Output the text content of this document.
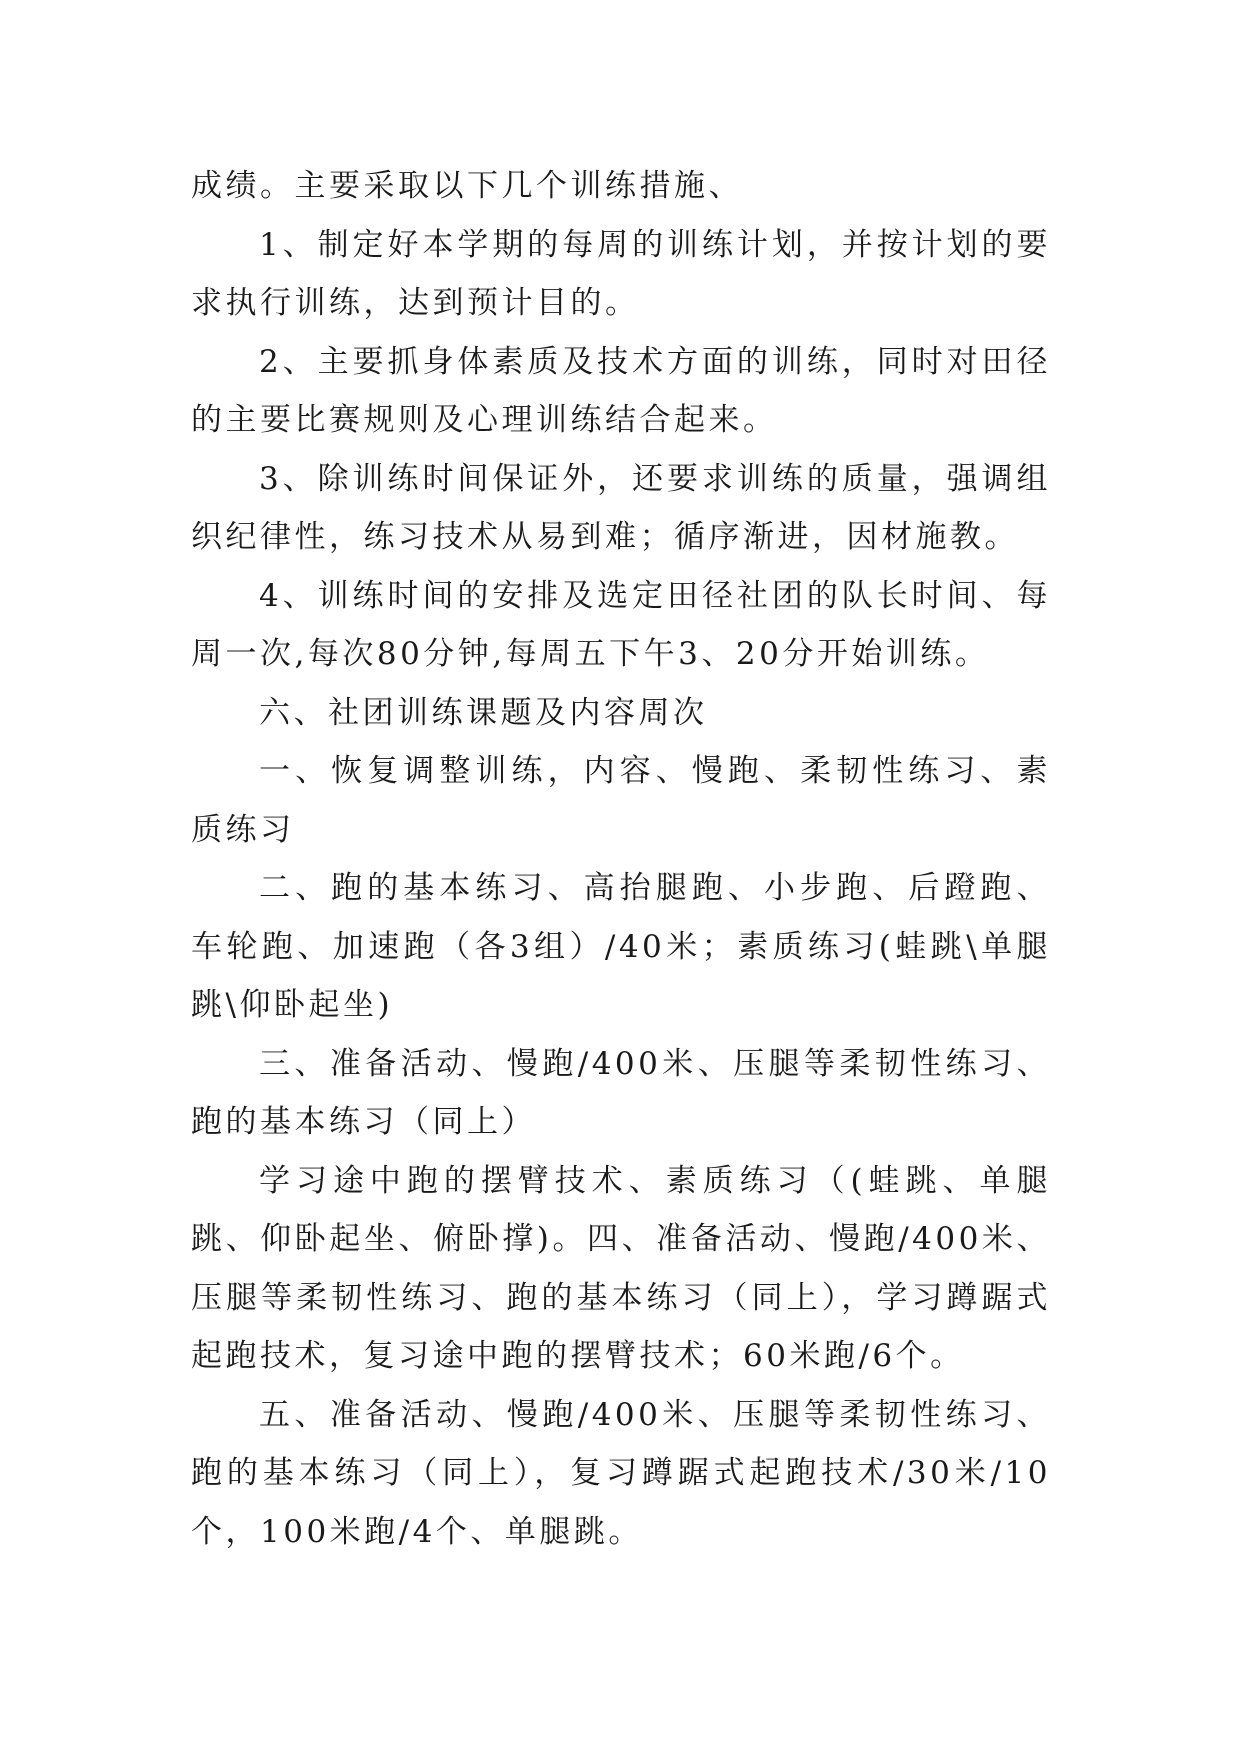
成绩。主要采取以下几个训练措施、

1、制定好本学期的每周的训练计划，并按计划的要求执行训练，达到预计目的。

2、主要抓身体素质及技术方面的训练，同时对田径的主要比赛规则及心理训练结合起来。

3、除训练时间保证外，还要求训练的质量，强调组织纪律性，练习技术从易到难；循序渐进，因材施教。

4、训练时间的安排及选定田径社团的队长时间、每周一次,每次80分钟,每周五下午3、20分开始训练。

六、社团训练课题及内容周次

一、恢复调整训练，内容、慢跑、柔韧性练习、素质练习

二、跑的基本练习、高抬腿跑、小步跑、后蹬跑、车轮跑、加速跑（各3组）/40米；素质练习(蛙跳\单腿跳\仰卧起坐)

三、准备活动、慢跑/400米、压腿等柔韧性练习、跑的基本练习（同上）

学习途中跑的摆臂技术、素质练习（(蛙跳、单腿跳、仰卧起坐、俯卧撑)。四、准备活动、慢跑/400米、压腿等柔韧性练习、跑的基本练习（同上），学习蹲踞式起跑技术，复习途中跑的摆臂技术；60米跑/6个。

五、准备活动、慢跑/400米、压腿等柔韧性练习、跑的基本练习（同上），复习蹲踞式起跑技术/30米/10个，100米跑/4个、单腿跳。
